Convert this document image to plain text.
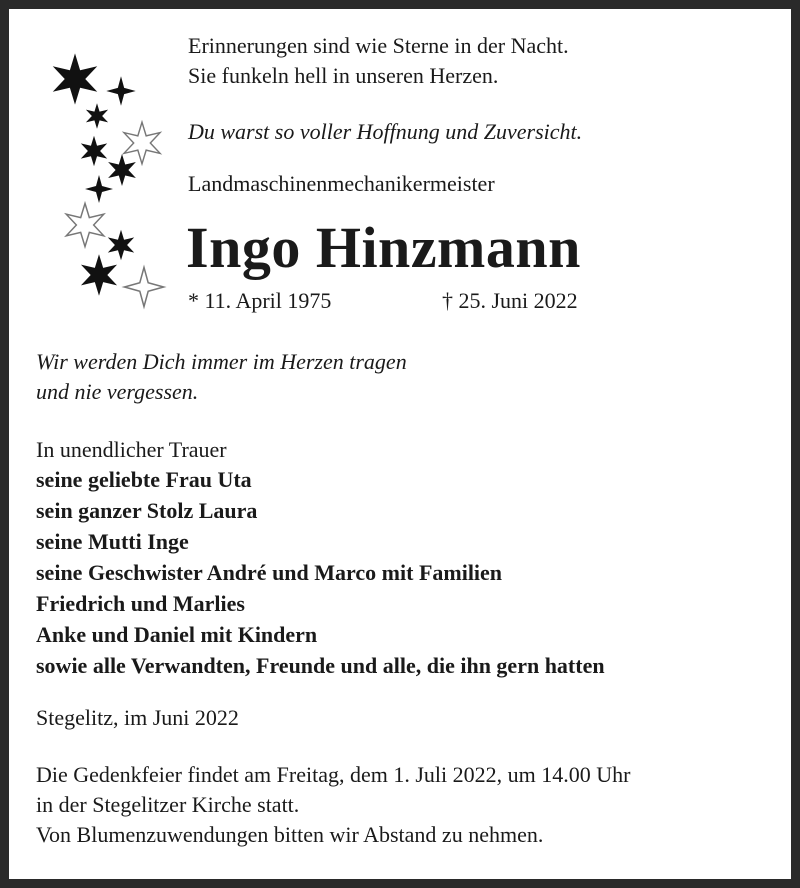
Erinnerungen sind wie Sterne in der Nacht.
Sie funkeln hell in unseren Herzen.
Du warst so voller Hoffnung und Zuversicht.
Landmaschinenmechanikermeister
Ingo Hinzmann
* 11. April 1975	† 25. Juni 2022
Wir werden Dich immer im Herzen tragen
und nie vergessen.
In unendlicher Trauer
seine geliebte Frau Uta
sein ganzer Stolz Laura
seine Mutti Inge
seine Geschwister André und Marco mit Familien
Friedrich und Marlies
Anke und Daniel mit Kindern
sowie alle Verwandten, Freunde und alle, die ihn gern hatten
Stegelitz, im Juni 2022
Die Gedenkfeier findet am Freitag, dem 1. Juli 2022, um 14.00 Uhr
in der Stegelitzer Kirche statt.
Von Blumenzuwendungen bitten wir Abstand zu nehmen.
